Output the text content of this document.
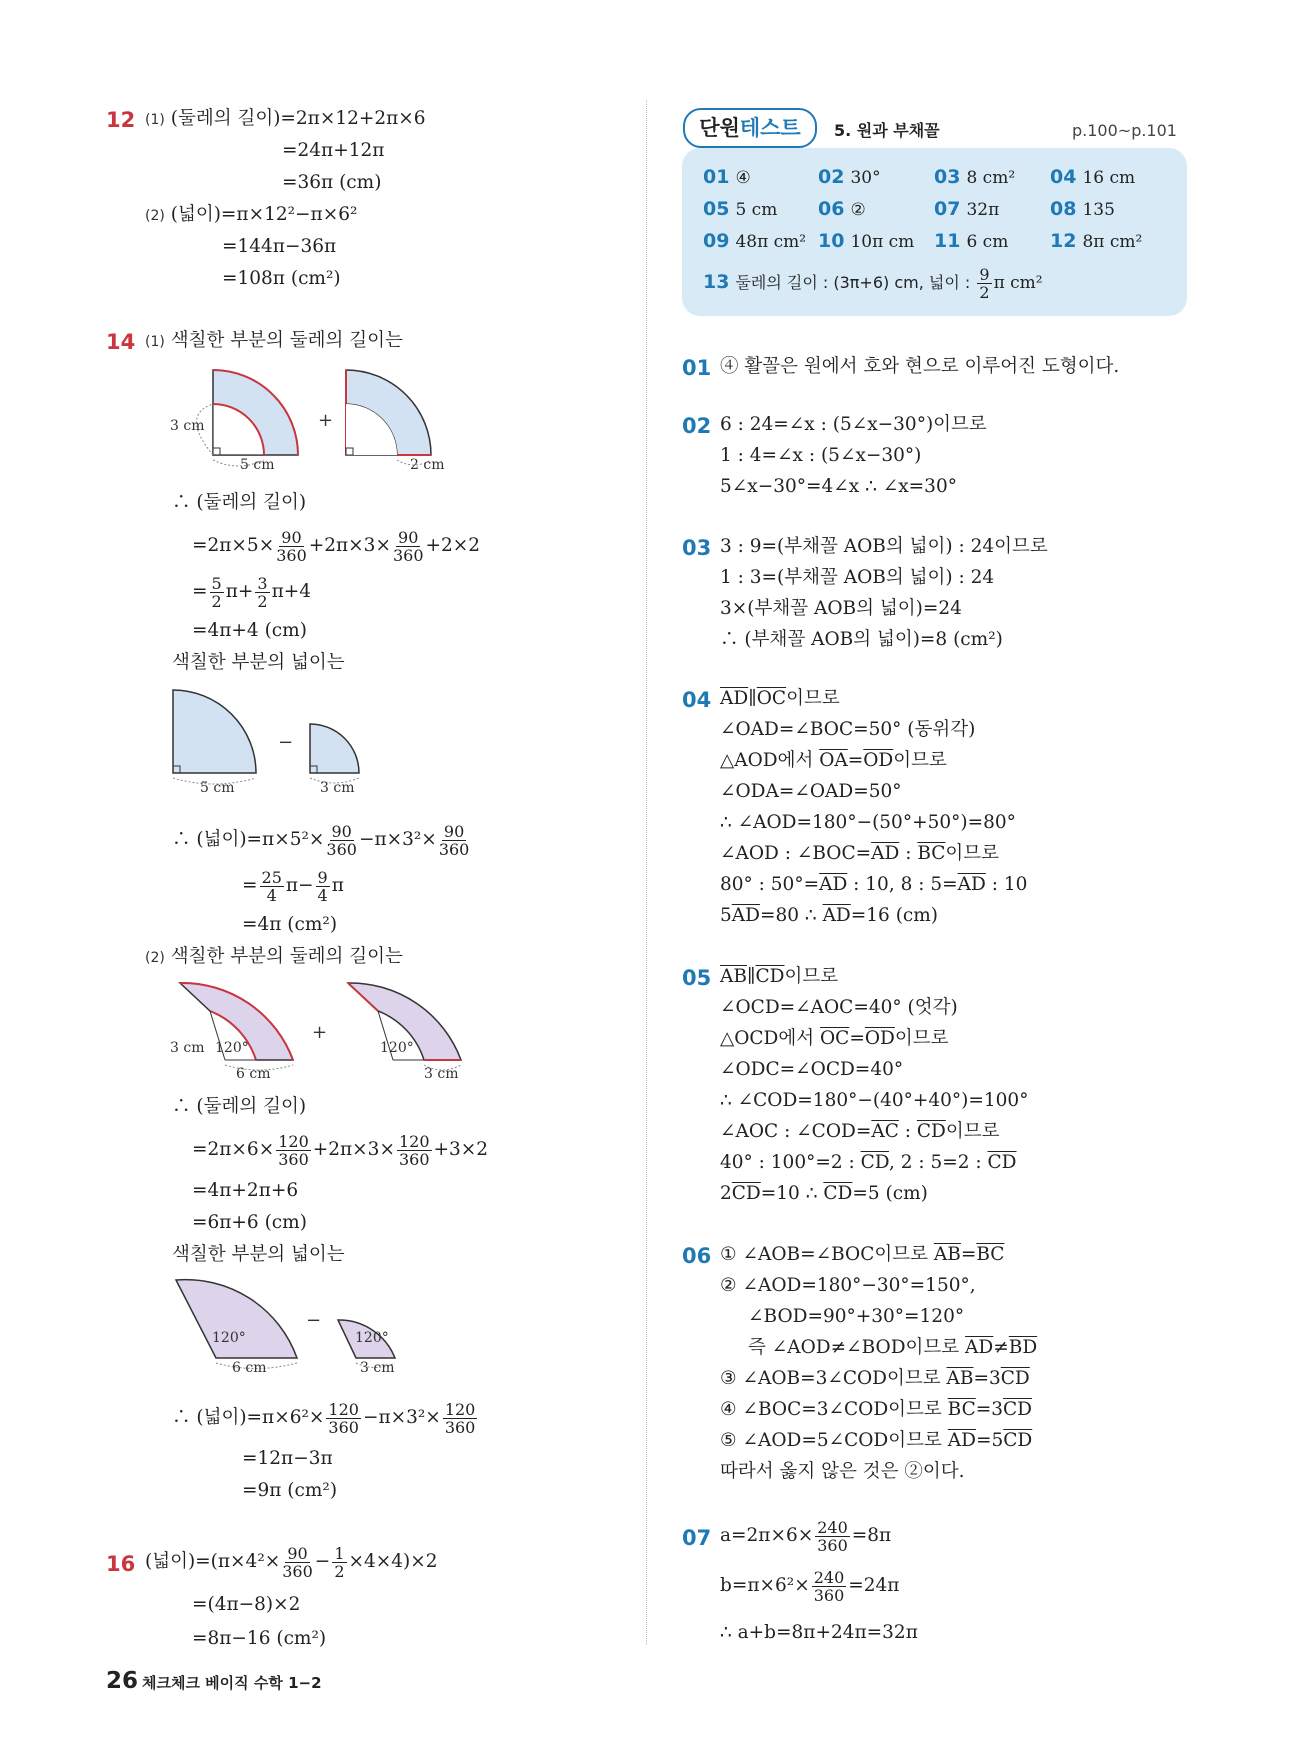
12 (1) (둘레의 길이)=2π×12+2π×6
=24π+12π
=36π (cm)
(2) (넓이)=π×12²−π×6²
=144π−36π
=108π (cm²)
14 (1) 색칠한 부분의 둘레의 길이는
3 cm
5 cm	2 cm
+
∴ (둘레의 길이)
$=2\pi\times 5\times \frac{90}{360} +2\pi\times 3\times \frac{90}{360} +2\times 2$
= $\frac{5}{2} \pi+ \frac{3}{2} \pi+4$
=4π+4 (cm)
색칠한 부분의 넓이는
5 cm	3 cm
−
∴ (넓이)$=\pi\times 5^2\times \frac{90}{360} -\pi\times 3^2\times \frac{90}{360}$
= $\frac{25}{4} \pi- \frac{9}{4}$ π
=4π (cm²)
(2) 색칠한 부분의 둘레의 길이는
3 cm 120°
6 cm
120°
3 cm
+
∴ (둘레의 길이)
$=2\pi\times 6\times \frac{120}{360} +2\pi\times 3\times \frac{120}{360} +3\times 2$
=4π+2π+6
=6π+6 (cm)
색칠한 부분의 넓이는
120°
6 cm
120°
3 cm
−
∴ (넓이)$=\pi\times 6^2\times \frac{120}{360} -\pi\times 3^2\times \frac{120}{360}$
=12π−3π
=9π (cm²)
16 (넓이)$=(\pi\times 4^2\times \frac{90}{360} - \frac{1}{2} \times 4\times 4)\times 2$
=(4π−8)×2
=8π−16 (cm²)
단원테스트	5. 원과 부채꼴	p.100~p.101
01 ④	02 30°	03 8 cm² 04 16 cm
05 5 cm 06 ②	07 32π	08 135
09 48π cm² 10 10π cm 11 6 cm 12 8π cm²
13 둘레의 길이 : (3π+6) cm, 넓이 : $\frac{9}{2}$ π cm²
01 ④ 활꼴은 원에서 호와 현으로 이루어진 도형이다.
02 6 : 24=∠x : (5∠x−30°)이므로
1 : 4=∠x : (5∠x−30°)
5∠x−30°=4∠x ∴ ∠x=30°
03 3 : 9=(부채꼴 AOB의 넓이) : 24이므로
1 : 3=(부채꼴 AOB의 넓이) : 24
3×(부채꼴 AOB의 넓이)=24
∴ (부채꼴 AOB의 넓이)=8 (cm²)
04 $\overline{AD}\parallel\overline{OC}$이므로
∠OAD=∠BOC=50° (동위각)
△AOD에서 $\overline{OA}=\overline{OD}$이므로
∠ODA=∠OAD=50°
∴ ∠AOD=180°−(50°+50°)=80°
∠AOD : $\angle BOC=\overline{AD}$ : $\overline{BC}$이므로
80° : $50^\circ=\overline{AD}$ : 10, 8 : $5=\overline{AD}$ : 10
$5\overline{AD}=80$ ∴ $\overline{AD}=16$ (cm)
05 $\overline{AB}\parallel\overline{CD}$이므로
∠OCD=∠AOC=40° (엇각)
△OCD에서 $\overline{OC}=\overline{OD}$이므로
∠ODC=∠OCD=40°
∴ ∠COD=180°−(40°+40°)=100°
∠AOC : $\angle COD=\overline{AC}$ : $\overline{CD}$이므로
40° : 100°=2 : $\overline{CD}$, 2 : 5=2 : $\overline{CD}$
$2\overline{CD}=10$ ∴ $\overline{CD}=5$ (cm)
06 ① ∠AOB=∠BOC이므로 $\overline{AB}=\overline{BC}$
② ∠AOD=180°−30°=150°,
∠BOD=90°+30°=120°
즉 ∠AOD≠∠BOD이므로 $\overline{AD}\ne\overline{BD}$
③ ∠AOB=3∠COD이므로 $\overline{AB}=3\overline{CD}$
④ ∠BOC=3∠COD이므로 $\overline{BC}=3\overline{CD}$
⑤ ∠AOD=5∠COD이므로 $\overline{AD}=5\overline{CD}$
따라서 옳지 않은 것은 ②이다.
07 $a=2\pi\times 6\times \frac{240}{360} =8\pi$
$b=\pi\times 6^2\times \frac{240}{360} =24\pi$
∴ a+b=8π+24π=32π
26 체크체크 베이직 수학 1−2
